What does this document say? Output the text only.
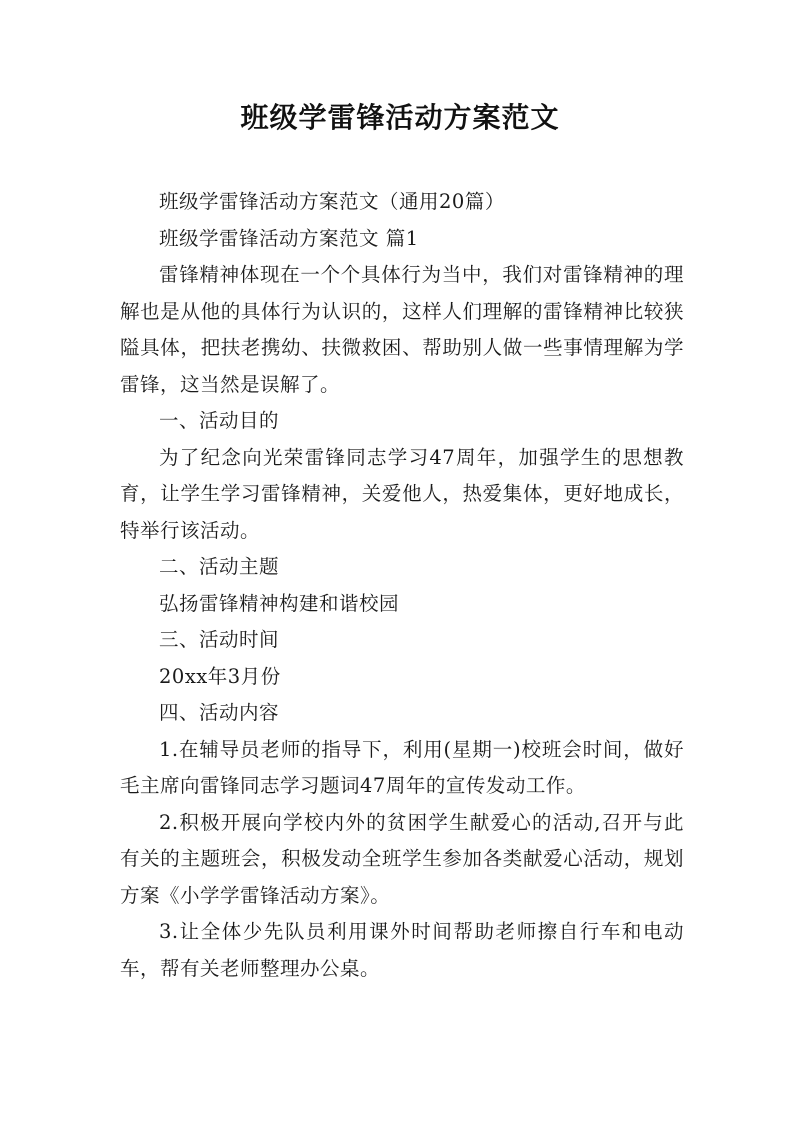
班级学雷锋活动方案范文

班级学雷锋活动方案范文（通用20篇）

班级学雷锋活动方案范文 篇1

雷锋精神体现在一个个具体行为当中，我们对雷锋精神的理解也是从他的具体行为认识的，这样人们理解的雷锋精神比较狭隘具体，把扶老携幼、扶微救困、帮助别人做一些事情理解为学雷锋，这当然是误解了。

一、活动目的

为了纪念向光荣雷锋同志学习47周年，加强学生的思想教育，让学生学习雷锋精神，关爱他人，热爱集体，更好地成长，特举行该活动。

二、活动主题

弘扬雷锋精神构建和谐校园

三、活动时间

20xx年3月份

四、活动内容

1.在辅导员老师的指导下，利用(星期一)校班会时间，做好毛主席向雷锋同志学习题词47周年的宣传发动工作。

2.积极开展向学校内外的贫困学生献爱心的活动,召开与此有关的主题班会，积极发动全班学生参加各类献爱心活动，规划方案《小学学雷锋活动方案》。

3.让全体少先队员利用课外时间帮助老师擦自行车和电动车，帮有关老师整理办公桌。
